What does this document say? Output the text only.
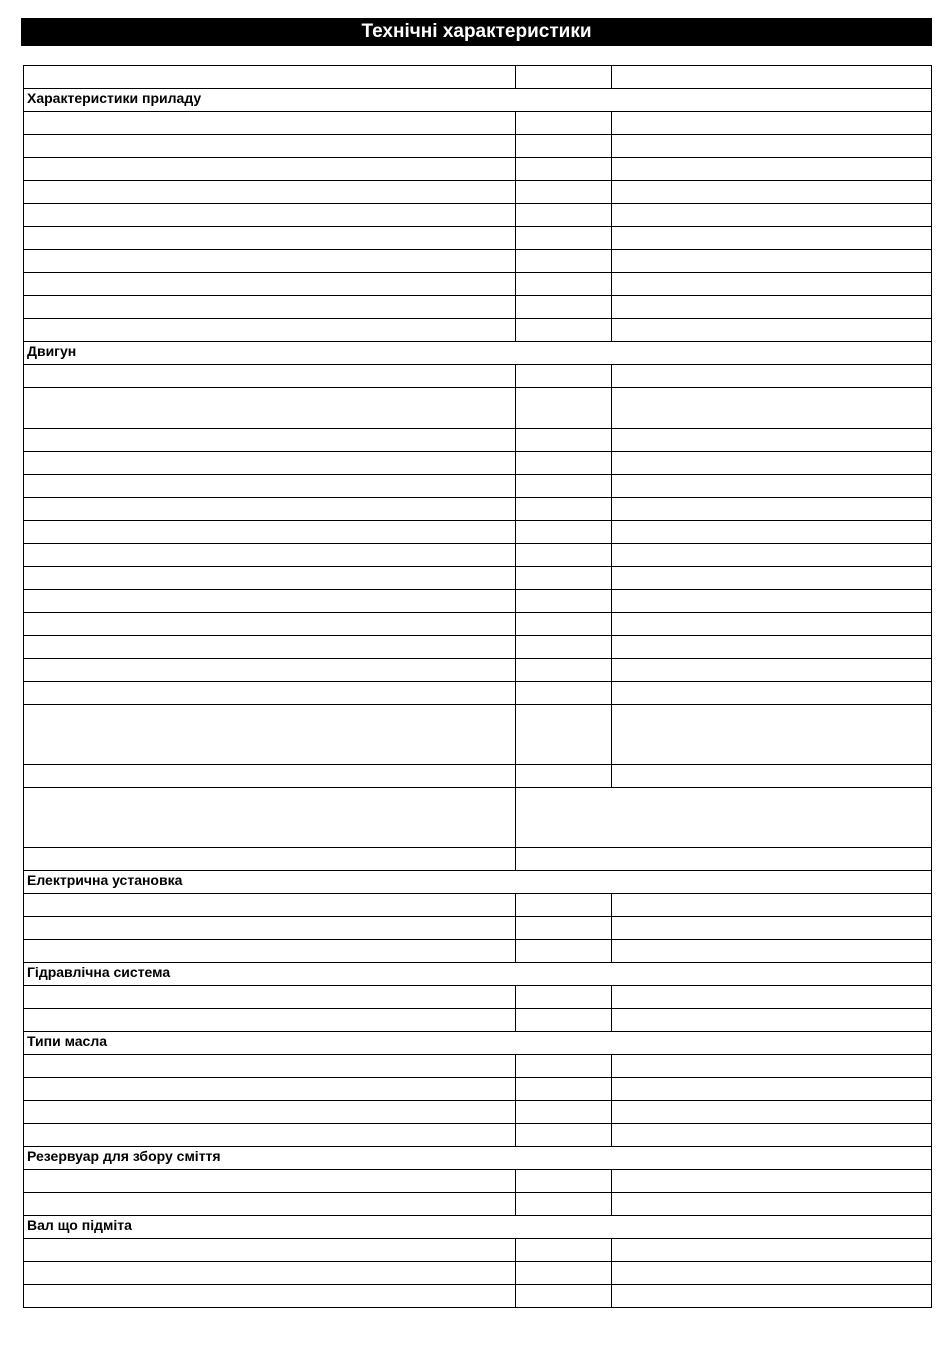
Технічні характеристики

Характеристики приладу		

Двигун		

Електрична установка		

Гідравлічна система		

Типи масла		

Резервуар для збору сміття		

Вал що підміта		
